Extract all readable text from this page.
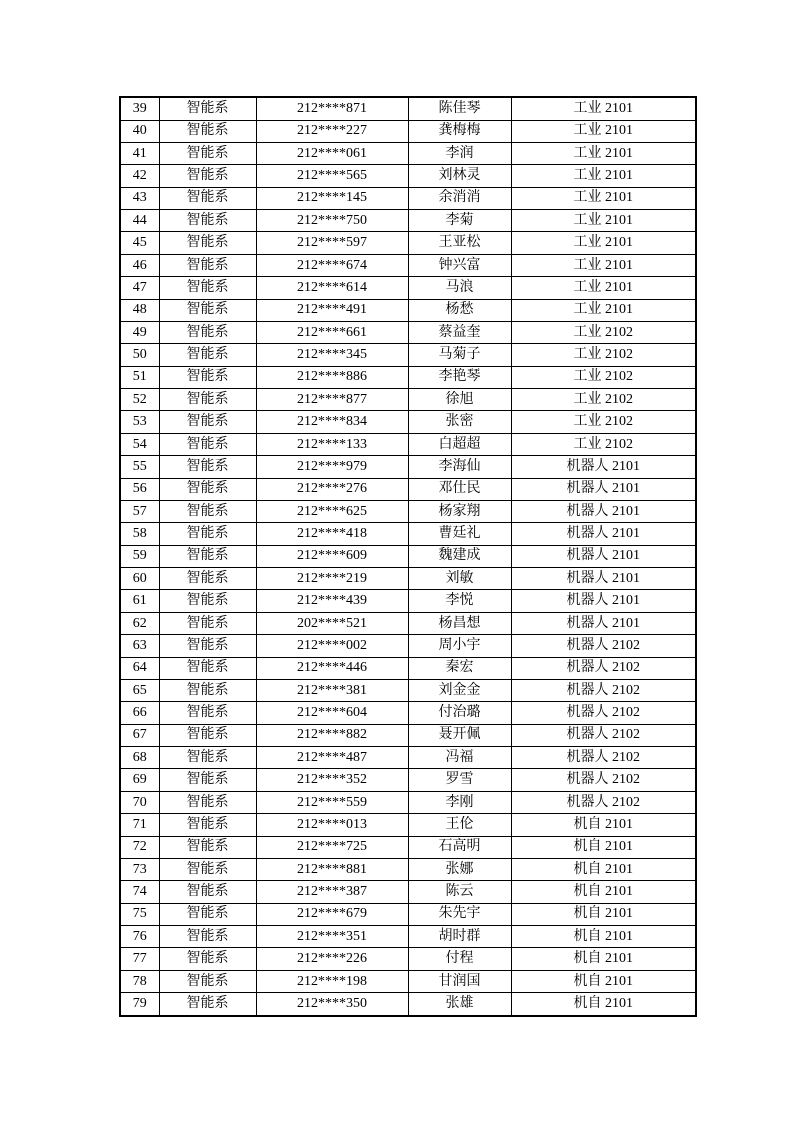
39	智能系	212****871	陈佳琴	工业 2101
40	智能系	212****227	龚梅梅	工业 2101
41	智能系	212****061	李润	工业 2101
42	智能系	212****565	刘林灵	工业 2101
43	智能系	212****145	余消消	工业 2101
44	智能系	212****750	李菊	工业 2101
45	智能系	212****597	王亚松	工业 2101
46	智能系	212****674	钟兴富	工业 2101
47	智能系	212****614	马浪	工业 2101
48	智能系	212****491	杨愁	工业 2101
49	智能系	212****661	蔡益奎	工业 2102
50	智能系	212****345	马菊子	工业 2102
51	智能系	212****886	李艳琴	工业 2102
52	智能系	212****877	徐旭	工业 2102
53	智能系	212****834	张密	工业 2102
54	智能系	212****133	白超超	工业 2102
55	智能系	212****979	李海仙	机器人 2101
56	智能系	212****276	邓仕民	机器人 2101
57	智能系	212****625	杨家翔	机器人 2101
58	智能系	212****418	曹廷礼	机器人 2101
59	智能系	212****609	魏建成	机器人 2101
60	智能系	212****219	刘敏	机器人 2101
61	智能系	212****439	李悦	机器人 2101
62	智能系	202****521	杨昌想	机器人 2101
63	智能系	212****002	周小宇	机器人 2102
64	智能系	212****446	秦宏	机器人 2102
65	智能系	212****381	刘金金	机器人 2102
66	智能系	212****604	付治璐	机器人 2102
67	智能系	212****882	聂开佩	机器人 2102
68	智能系	212****487	冯福	机器人 2102
69	智能系	212****352	罗雪	机器人 2102
70	智能系	212****559	李刚	机器人 2102
71	智能系	212****013	王伦	机自 2101
72	智能系	212****725	石高明	机自 2101
73	智能系	212****881	张娜	机自 2101
74	智能系	212****387	陈云	机自 2101
75	智能系	212****679	朱先宇	机自 2101
76	智能系	212****351	胡时群	机自 2101
77	智能系	212****226	付程	机自 2101
78	智能系	212****198	甘润国	机自 2101
79	智能系	212****350	张雄	机自 2101
